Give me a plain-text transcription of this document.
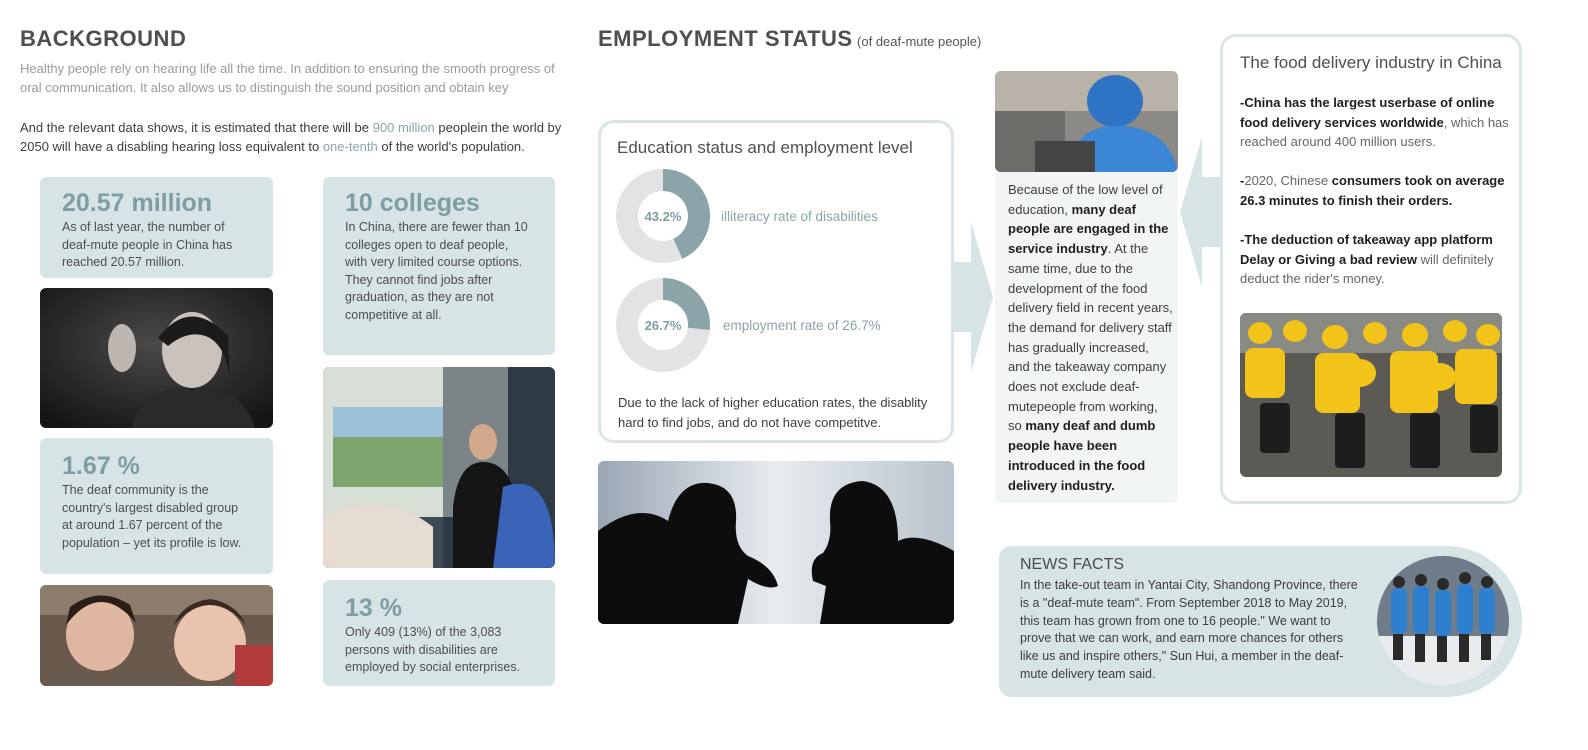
BACKGROUND
Healthy people rely on hearing life all the time. In addition to ensuring the smooth progress of oral communication. It also allows us to distinguish the sound position and obtain key
And the relevant data shows, it is estimated that there will be 900 million peoplein the world by 2050 will have a disabling hearing loss equivalent to one-tenth of the world's population.
20.57 million
As of last year, the number of deaf-mute people in China has reached 20.57 million.
1.67 %
The deaf community is the country's largest disabled group at around 1.67 percent of the population – yet its profile is low.
10 colleges
In China, there are fewer than 10 colleges open to deaf people, with very limited course options. They cannot find jobs after graduation, as they are not competitive at all.
13 %
Only 409 (13%) of the 3,083 persons with disabilities are employed by social enterprises.
EMPLOYMENT STATUS (of deaf-mute people)
Education status and employment level
43.2%	illiteracy rate of disabilities
26.7%	employment rate of 26.7%
Due to the lack of higher education rates, the disablity hard to find jobs, and do not have competitve.
Because of the low level of education, many deaf people are engaged in the service industry. At the same time, due to the development of the food delivery field in recent years, the demand for delivery staff has gradually increased, and the takeaway company does not exclude deaf-mutepeople from working, so many deaf and dumb people have been introduced in the food delivery industry.
The food delivery industry in China
-China has the largest userbase of online food delivery services worldwide, which has reached around 400 million users.
-2020, Chinese consumers took on average 26.3 minutes to finish their orders.
-The deduction of takeaway app platform Delay or Giving a bad review will definitely deduct the rider's money.
NEWS FACTS
In the take-out team in Yantai City, Shandong Province, there is a "deaf-mute team". From September 2018 to May 2019, this team has grown from one to 16 people." We want to prove that we can work, and earn more chances for others like us and inspire others," Sun Hui, a member in the deaf-mute delivery team said.
